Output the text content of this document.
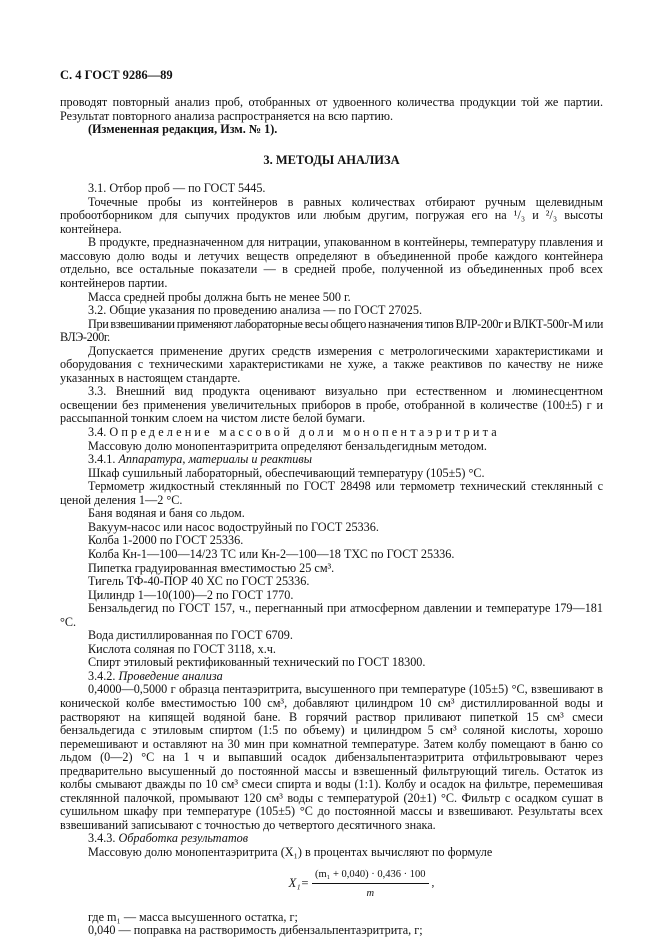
С. 4 ГОСТ 9286—89

проводят повторный анализ проб, отобранных от удвоенного количества продукции той же партии. Результат повторного анализа распространяется на всю партию.

(Измененная редакция, Изм. № 1).

3. МЕТОДЫ АНАЛИЗА

3.1. Отбор проб — по ГОСТ 5445.

Точечные пробы из контейнеров в равных количествах отбирают ручным щелевидным пробоотборником для сыпучих продуктов или любым другим, погружая его на ¹/₃ и ²/₃ высоты контейнера.

В продукте, предназначенном для нитрации, упакованном в контейнеры, температуру плавления и массовую долю воды и летучих веществ определяют в объединенной пробе каждого контейнера отдельно, все остальные показатели — в средней пробе, полученной из объединенных проб всех контейнеров партии.

Масса средней пробы должна быть не менее 500 г.

3.2. Общие указания по проведению анализа — по ГОСТ 27025.

При взвешивании применяют лабораторные весы общего назначения типов ВЛР-200г и ВЛКТ-500г-М или ВЛЭ-200г.

Допускается применение других средств измерения с метрологическими характеристиками и оборудования с техническими характеристиками не хуже, а также реактивов по качеству не ниже указанных в настоящем стандарте.

3.3. Внешний вид продукта оценивают визуально при естественном и люминесцентном освещении без применения увеличительных приборов в пробе, отобранной в количестве (100±5) г и рассыпанной тонким слоем на чистом листе белой бумаги.

3.4. Определение массовой доли монопентаэритрита

Массовую долю монопентаэритрита определяют бензальдегидным методом.

3.4.1. Аппаратура, материалы и реактивы

Шкаф сушильный лабораторный, обеспечивающий температуру (105±5) °С.

Термометр жидкостный стеклянный по ГОСТ 28498 или термометр технический стеклянный с ценой деления 1—2 °С.

Баня водяная и баня со льдом.

Вакуум-насос или насос водоструйный по ГОСТ 25336.

Колба 1-2000 по ГОСТ 25336.

Колба Кн-1—100—14/23 ТС или Кн-2—100—18 ТХС по ГОСТ 25336.

Пипетка градуированная вместимостью 25 см³.

Тигель ТФ-40-ПОР 40 ХС по ГОСТ 25336.

Цилиндр 1—10(100)—2 по ГОСТ 1770.

Бензальдегид по ГОСТ 157, ч., перегнанный при атмосферном давлении и температуре 179—181 °С.

Вода дистиллированная по ГОСТ 6709.

Кислота соляная по ГОСТ 3118, х.ч.

Спирт этиловый ректификованный технический по ГОСТ 18300.

3.4.2. Проведение анализа

0,4000—0,5000 г образца пентаэритрита, высушенного при температуре (105±5) °С, взвешивают в конической колбе вместимостью 100 см³, добавляют цилиндром 10 см³ дистиллированной воды и растворяют на кипящей водяной бане. В горячий раствор приливают пипеткой 15 см³ смеси бензальдегида с этиловым спиртом (1:5 по объему) и цилиндром 5 см³ соляной кислоты, хорошо перемешивают и оставляют на 30 мин при комнатной температуре. Затем колбу помещают в баню со льдом (0—2) °С на 1 ч и выпавший осадок дибензальпентаэритрита отфильтровывают через предварительно высушенный до постоянной массы и взвешенный фильтрующий тигель. Остаток из колбы смывают дважды по 10 см³ смеси спирта и воды (1:1). Колбу и осадок на фильтре, перемешивая стеклянной палочкой, промывают 120 см³ воды с температурой (20±1) °С. Фильтр с осадком сушат в сушильном шкафу при температуре (105±5) °С до постоянной массы и взвешивают. Результаты всех взвешиваний записывают с точностью до четвертого десятичного знака.

3.4.3. Обработка результатов

Массовую долю монопентаэритрита (X₁) в процентах вычисляют по формуле

$X_1= \frac{\text{(m₁ + 0,040) · 0,436 · 100}}{m}$ ,

где m₁ — масса высушенного остатка, г;

0,040 — поправка на растворимость дибензальпентаэритрита, г;
